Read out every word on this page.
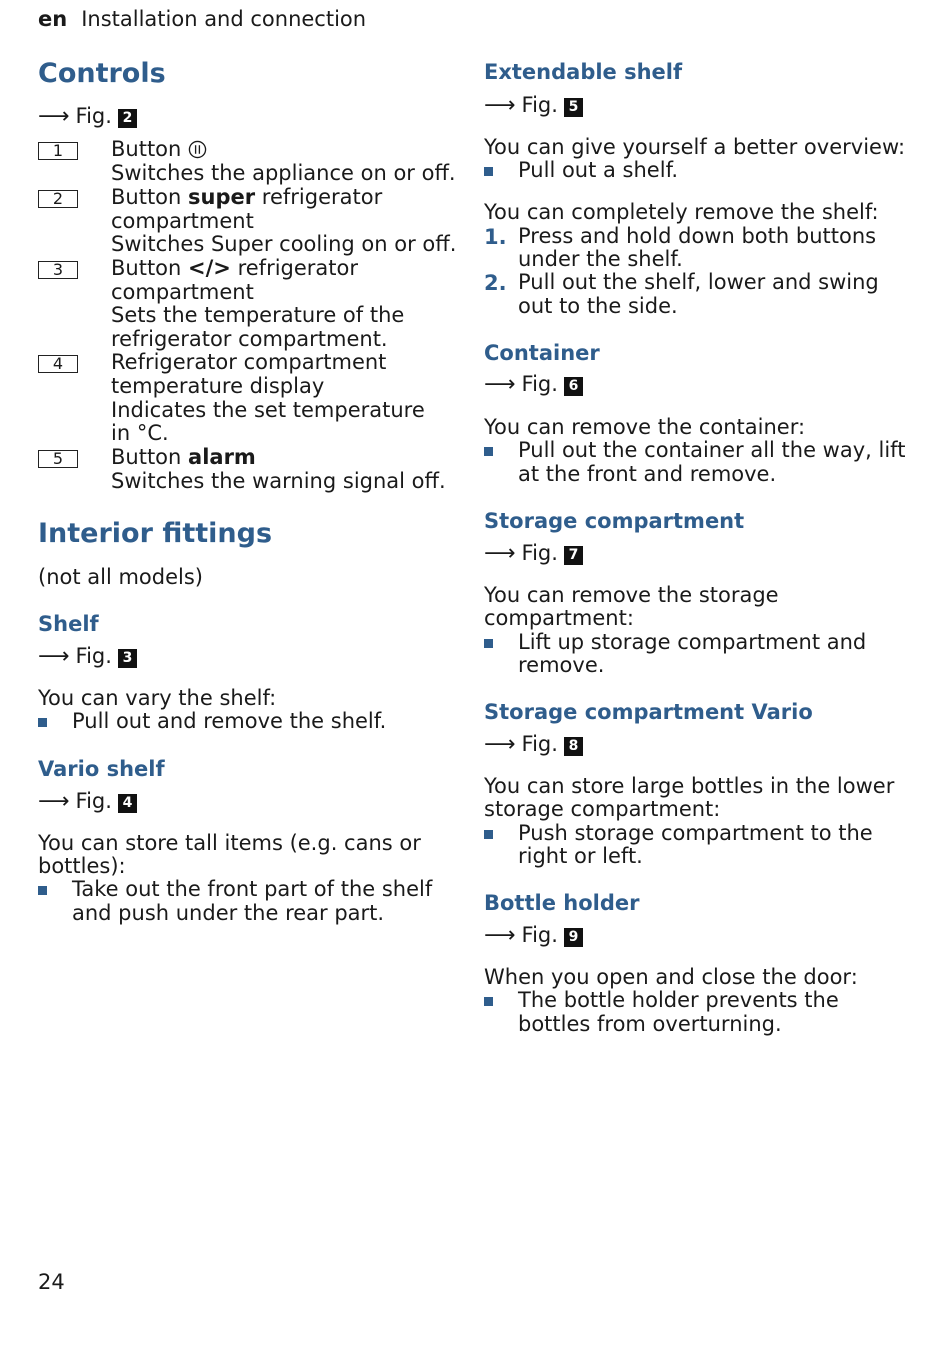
en Installation and connection
Controls
⟶ Fig. 2
1	Button
Switches the appliance on or off.
2	Button super refrigerator
compartment
Switches Super cooling on or off.
3	Button </> refrigerator
compartment
Sets the temperature of the
refrigerator compartment.
4	Refrigerator compartment
temperature display
Indicates the set temperature
in °C.
5	Button alarm
Switches the warning signal off.
Interior fittings
(not all models)
Shelf
⟶ Fig. 3
You can vary the shelf:
Pull out and remove the shelf.
Vario shelf
⟶ Fig. 4
You can store tall items (e.g. cans or
bottles):
Take out the front part of the shelf
and push under the rear part.
Extendable shelf
⟶ Fig. 5
You can give yourself a better overview:
Pull out a shelf.
You can completely remove the shelf:
1. Press and hold down both buttons
under the shelf.
2. Pull out the shelf, lower and swing
out to the side.
Container
⟶ Fig. 6
You can remove the container:
Pull out the container all the way, lift
at the front and remove.
Storage compartment
⟶ Fig. 7
You can remove the storage
compartment:
Lift up storage compartment and
remove.
Storage compartment Vario
⟶ Fig. 8
You can store large bottles in the lower
storage compartment:
Push storage compartment to the
right or left.
Bottle holder
⟶ Fig. 9
When you open and close the door:
The bottle holder prevents the
bottles from overturning.
24
